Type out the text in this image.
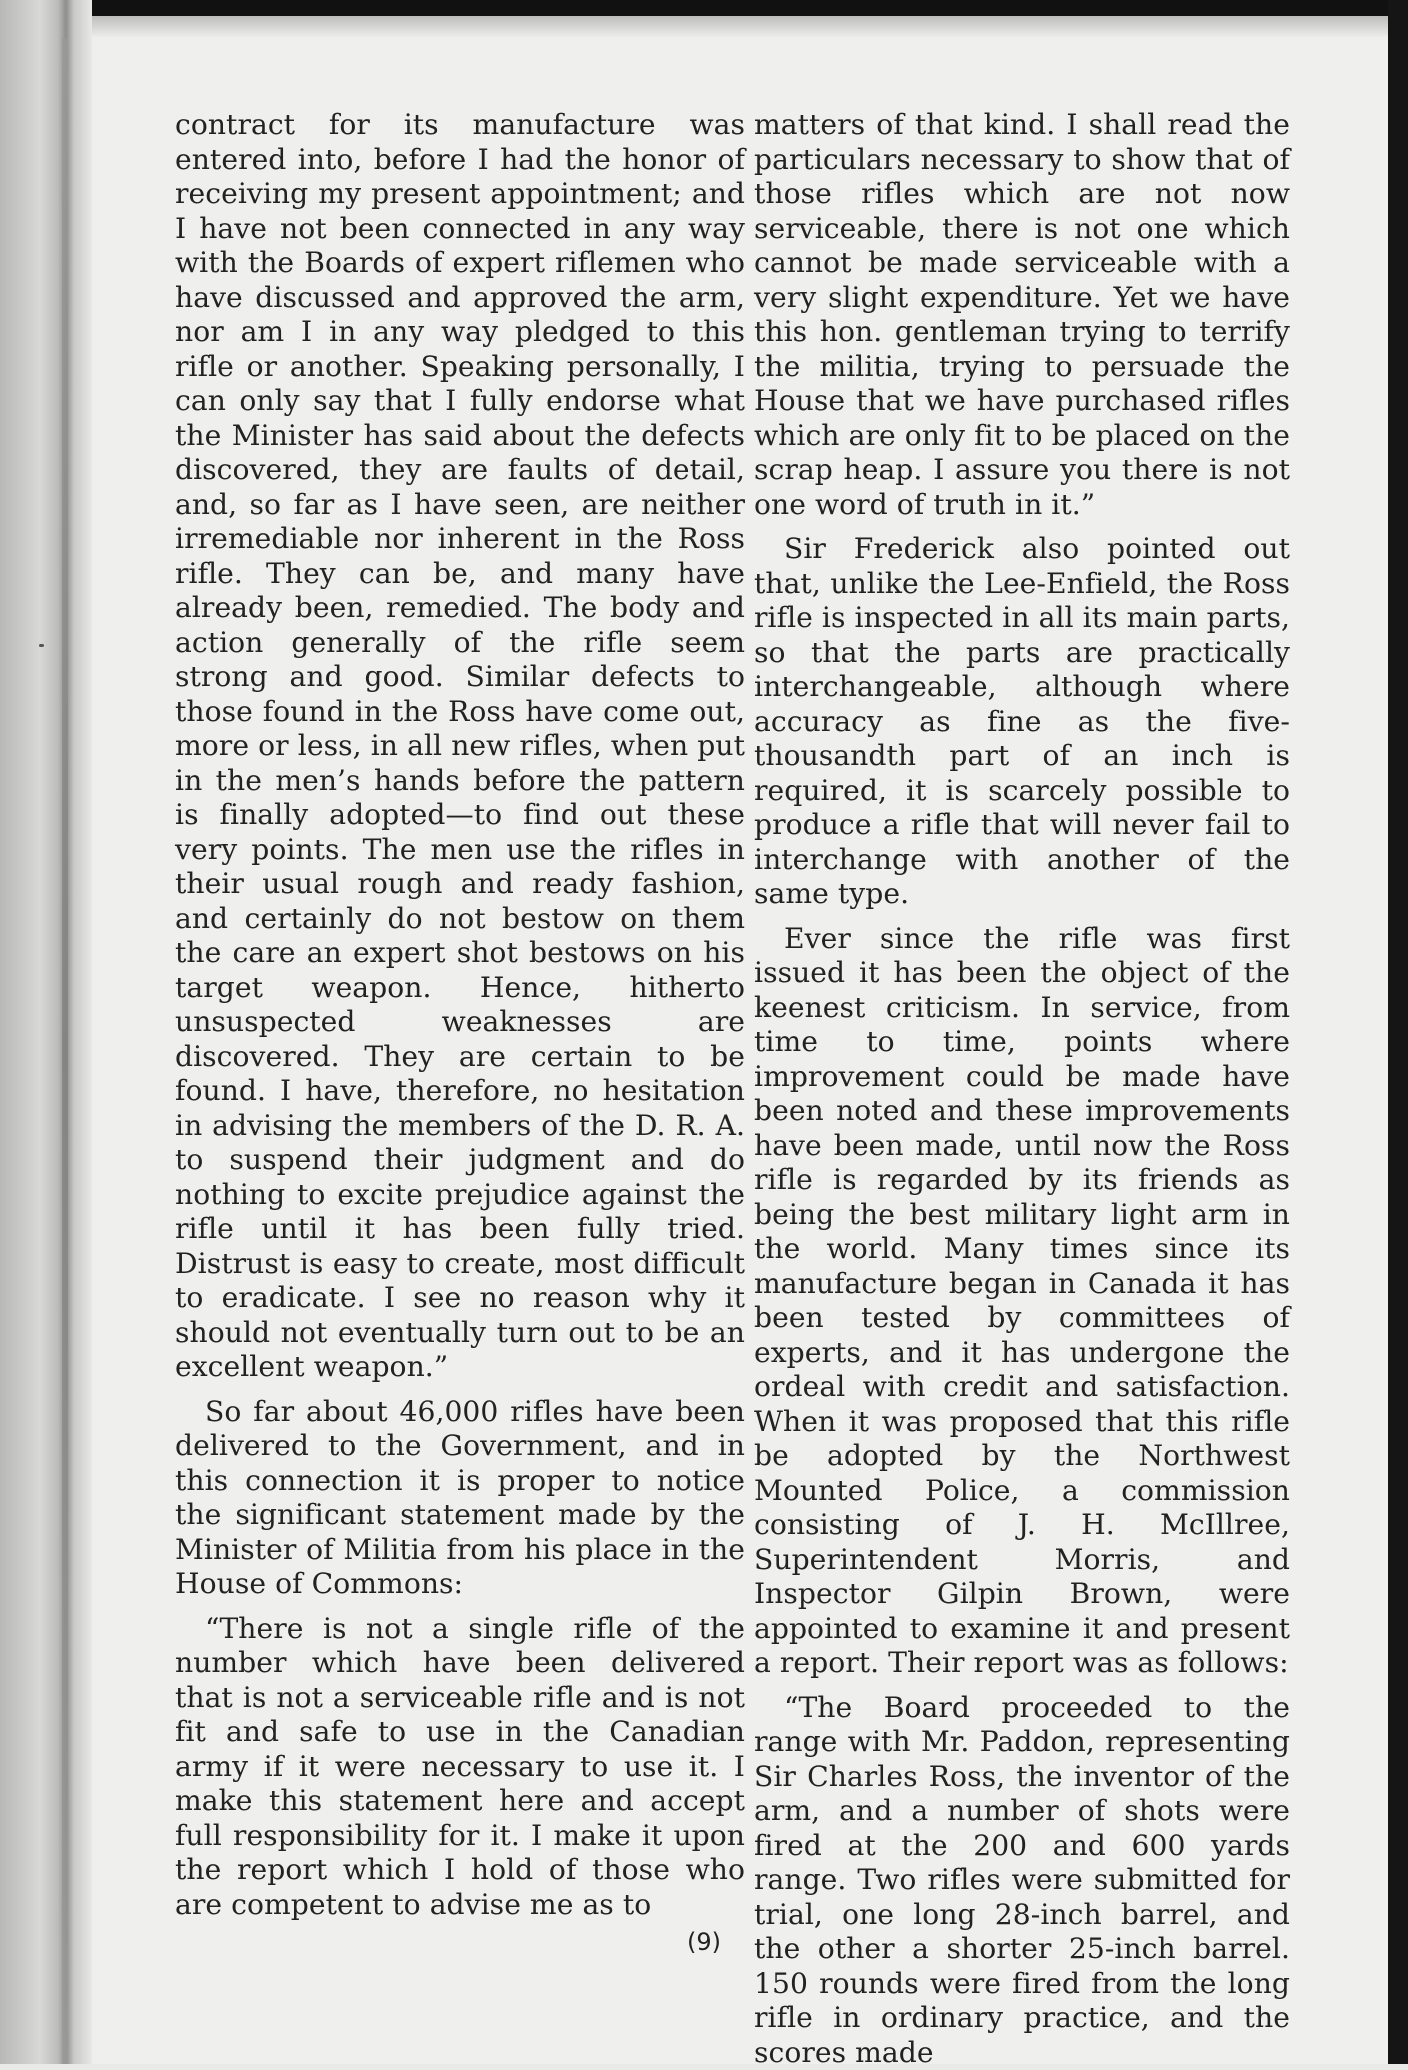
contract for its manufacture was entered into, before I had the honor of receiving my present appointment; and I have not been connected in any way with the Boards of expert riflemen who have discussed and approved the arm, nor am I in any way pledged to this rifle or another. Speaking personally, I can only say that I fully endorse what the Minister has said about the defects discovered, they are faults of detail, and, so far as I have seen, are neither irremediable nor inherent in the Ross rifle. They can be, and many have already been, remedied. The body and action generally of the rifle seem strong and good. Similar defects to those found in the Ross have come out, more or less, in all new rifles, when put in the men’s hands before the pattern is finally adopted—to find out these very points. The men use the rifles in their usual rough and ready fashion, and certainly do not bestow on them the care an expert shot bestows on his target weapon. Hence, hitherto unsuspected weaknesses are discovered. They are certain to be found. I have, therefore, no hesitation in advising the members of the D. R. A. to suspend their judgment and do nothing to excite prejudice against the rifle until it has been fully tried. Distrust is easy to create, most difficult to eradicate. I see no reason why it should not eventually turn out to be an excellent weapon.”

So far about 46,000 rifles have been delivered to the Government, and in this connection it is proper to notice the significant statement made by the Minister of Militia from his place in the House of Commons:

“There is not a single rifle of the number which have been delivered that is not a serviceable rifle and is not fit and safe to use in the Canadian army if it were necessary to use it. I make this statement here and accept full responsibility for it. I make it upon the report which I hold of those who are competent to advise me as to

matters of that kind. I shall read the particulars necessary to show that of those rifles which are not now serviceable, there is not one which cannot be made serviceable with a very slight expenditure. Yet we have this hon. gentleman trying to terrify the militia, trying to persuade the House that we have purchased rifles which are only fit to be placed on the scrap heap. I assure you there is not one word of truth in it.”

Sir Frederick also pointed out that, unlike the Lee-Enfield, the Ross rifle is inspected in all its main parts, so that the parts are practically interchangeable, although where accuracy as fine as the five-thousandth part of an inch is required, it is scarcely possible to produce a rifle that will never fail to interchange with another of the same type.

Ever since the rifle was first issued it has been the object of the keenest criticism. In service, from time to time, points where improvement could be made have been noted and these improvements have been made, until now the Ross rifle is regarded by its friends as being the best military light arm in the world. Many times since its manufacture began in Canada it has been tested by committees of experts, and it has undergone the ordeal with credit and satisfaction. When it was proposed that this rifle be adopted by the Northwest Mounted Police, a commission consisting of J. H. McIllree, Superintendent Morris, and Inspector Gilpin Brown, were appointed to examine it and present a report. Their report was as follows:

“The Board proceeded to the range with Mr. Paddon, representing Sir Charles Ross, the inventor of the arm, and a number of shots were fired at the 200 and 600 yards range. Two rifles were submitted for trial, one long 28-inch barrel, and the other a shorter 25-inch barrel. 150 rounds were fired from the long rifle in ordinary practice, and the scores made

(9)
